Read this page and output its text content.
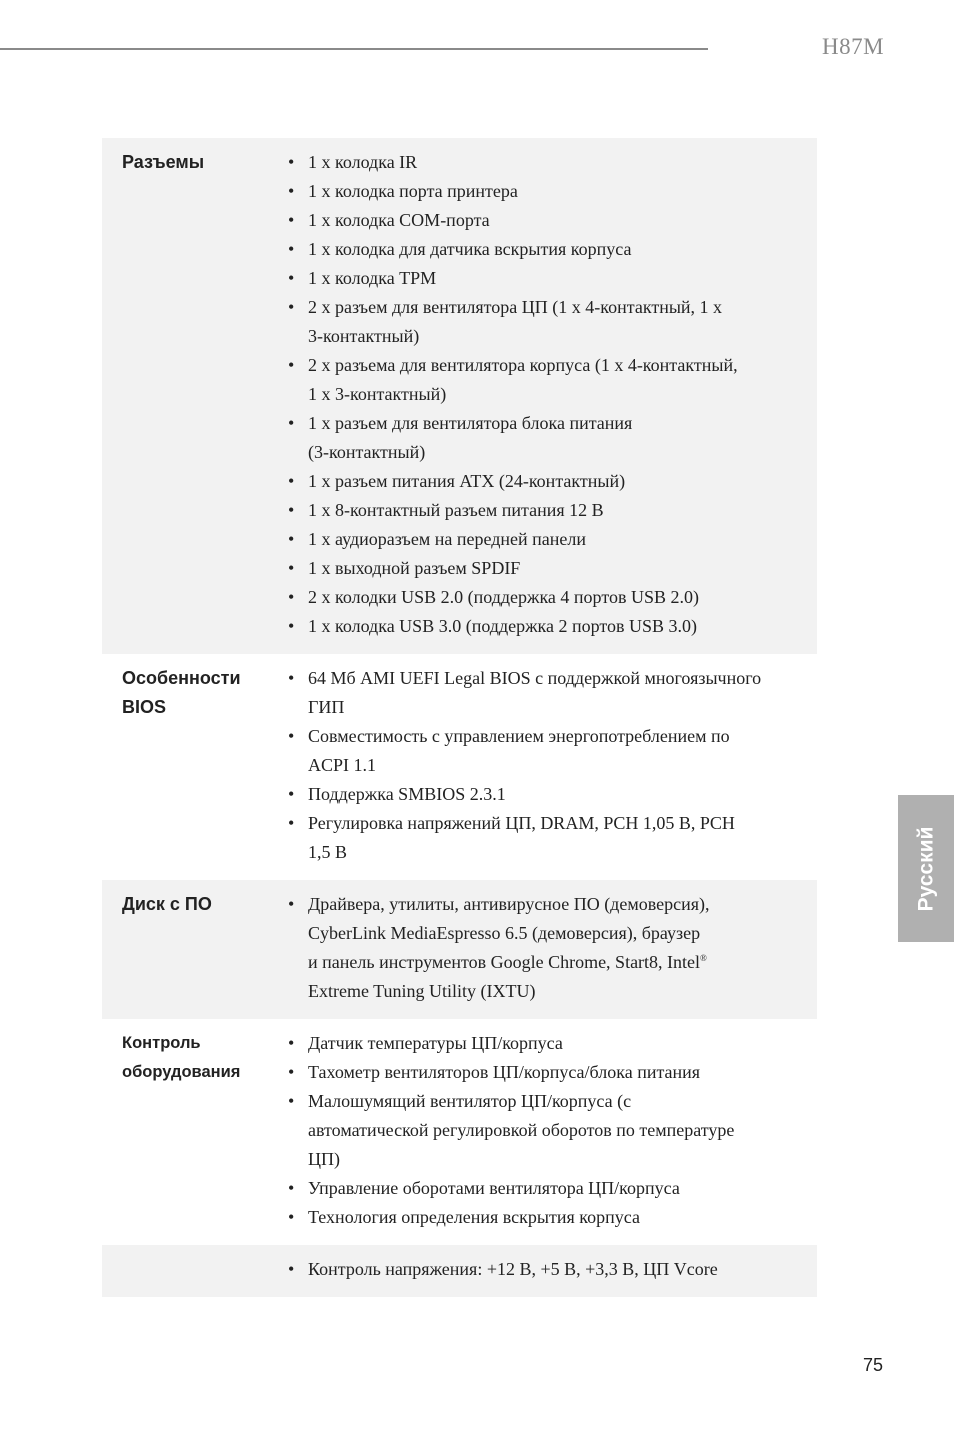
H87M
Русский
Разъемы	• 1 x колодка IR
• 1 x колодка порта принтера
• 1 x колодка COM-порта
• 1 x колодка для датчика вскрытия корпуса
• 1 x колодка TPM
• 2 x разъем для вентилятора ЦП (1 x 4-контактный, 1 x
3-контактный)
• 2 x разъема для вентилятора корпуса (1 x 4-контактный,
1 x 3-контактный)
• 1 x разъем для вентилятора блока питания
(3-контактный)
• 1 x разъем питания ATX (24-контактный)
• 1 x 8-контактный разъем питания 12 В
• 1 x аудиоразъем на передней панели
• 1 x выходной разъем SPDIF
• 2 x колодки USB 2.0 (поддержка 4 портов USB 2.0)
• 1 x колодка USB 3.0 (поддержка 2 портов USB 3.0)
Особенности
BIOS
• 64 Мб AMI UEFI Legal BIOS с поддержкой многоязычного
ГИП
• Совместимость с управлением энергопотреблением по
ACPI 1.1
• Поддержка SMBIOS 2.3.1
• Регулировка напряжений ЦП, DRAM, PCH 1,05 В, PCH
1,5 В
Диск с ПО	• Драйвера, утилиты, антивирусное ПО (демоверсия),
CyberLink MediaEspresso 6.5 (демоверсия), браузер
и панель инструментов Google Chrome, Start8, Intel®
Extreme Tuning Utility (IXTU)
Контроль
оборудования
• Датчик температуры ЦП/корпуса
• Тахометр вентиляторов ЦП/корпуса/блока питания
• Малошумящий вентилятор ЦП/корпуса (с
автоматической регулировкой оборотов по температуре
ЦП)
• Управление оборотами вентилятора ЦП/корпуса
• Технология определения вскрытия корпуса
• Контроль напряжения: +12 В, +5 В, +3,3 В, ЦП Vcore
75
